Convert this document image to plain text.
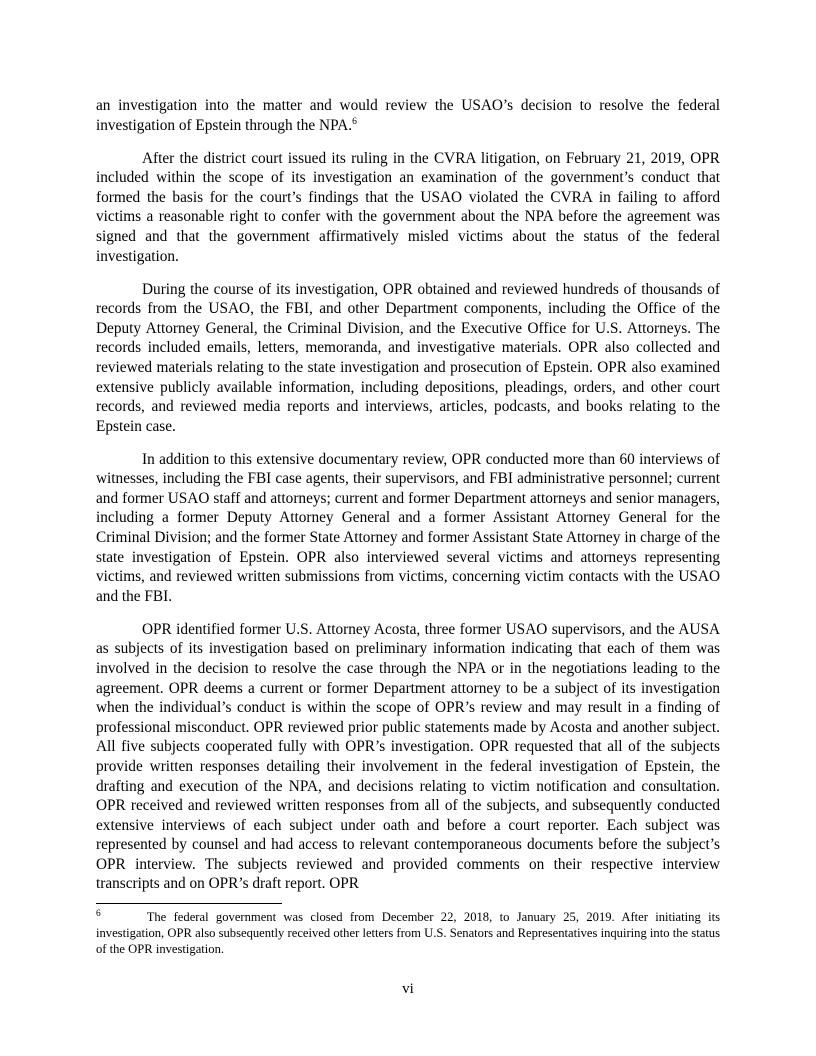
an investigation into the matter and would review the USAO’s decision to resolve the federal investigation of Epstein through the NPA.$^6$

After the district court issued its ruling in the CVRA litigation, on February 21, 2019, OPR included within the scope of its investigation an examination of the government’s conduct that formed the basis for the court’s findings that the USAO violated the CVRA in failing to afford victims a reasonable right to confer with the government about the NPA before the agreement was signed and that the government affirmatively misled victims about the status of the federal investigation.

During the course of its investigation, OPR obtained and reviewed hundreds of thousands of records from the USAO, the FBI, and other Department components, including the Office of the Deputy Attorney General, the Criminal Division, and the Executive Office for U.S. Attorneys. The records included emails, letters, memoranda, and investigative materials. OPR also collected and reviewed materials relating to the state investigation and prosecution of Epstein. OPR also examined extensive publicly available information, including depositions, pleadings, orders, and other court records, and reviewed media reports and interviews, articles, podcasts, and books relating to the Epstein case.

In addition to this extensive documentary review, OPR conducted more than 60 interviews of witnesses, including the FBI case agents, their supervisors, and FBI administrative personnel; current and former USAO staff and attorneys; current and former Department attorneys and senior managers, including a former Deputy Attorney General and a former Assistant Attorney General for the Criminal Division; and the former State Attorney and former Assistant State Attorney in charge of the state investigation of Epstein. OPR also interviewed several victims and attorneys representing victims, and reviewed written submissions from victims, concerning victim contacts with the USAO and the FBI.

OPR identified former U.S. Attorney Acosta, three former USAO supervisors, and the AUSA as subjects of its investigation based on preliminary information indicating that each of them was involved in the decision to resolve the case through the NPA or in the negotiations leading to the agreement. OPR deems a current or former Department attorney to be a subject of its investigation when the individual’s conduct is within the scope of OPR’s review and may result in a finding of professional misconduct. OPR reviewed prior public statements made by Acosta and another subject. All five subjects cooperated fully with OPR’s investigation. OPR requested that all of the subjects provide written responses detailing their involvement in the federal investigation of Epstein, the drafting and execution of the NPA, and decisions relating to victim notification and consultation. OPR received and reviewed written responses from all of the subjects, and subsequently conducted extensive interviews of each subject under oath and before a court reporter. Each subject was represented by counsel and had access to relevant contemporaneous documents before the subject’s OPR interview. The subjects reviewed and provided comments on their respective interview transcripts and on OPR’s draft report. OPR

$^6$	The federal government was closed from December 22, 2018, to January 25, 2019. After initiating its investigation, OPR also subsequently received other letters from U.S. Senators and Representatives inquiring into the status of the OPR investigation.
vi
